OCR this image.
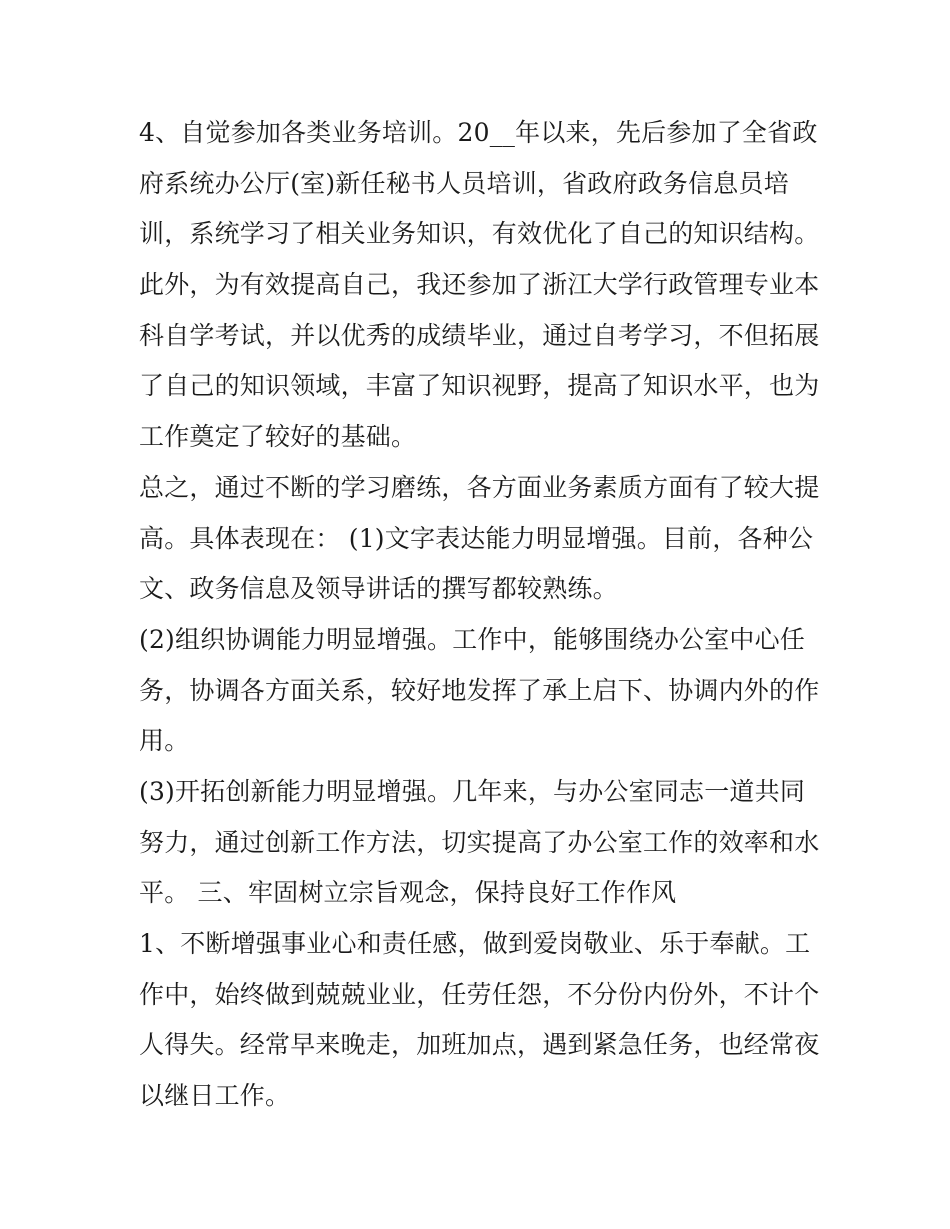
4、自觉参加各类业务培训。20__年以来，先后参加了全省政
府系统办公厅(室)新任秘书人员培训，省政府政务信息员培
训，系统学习了相关业务知识，有效优化了自己的知识结构。
此外，为有效提高自己，我还参加了浙江大学行政管理专业本
科自学考试，并以优秀的成绩毕业，通过自考学习，不但拓展
了自己的知识领域，丰富了知识视野，提高了知识水平，也为
工作奠定了较好的基础。
总之，通过不断的学习磨练，各方面业务素质方面有了较大提
高。具体表现在： (1)文字表达能力明显增强。目前，各种公
文、政务信息及领导讲话的撰写都较熟练。
(2)组织协调能力明显增强。工作中，能够围绕办公室中心任
务，协调各方面关系，较好地发挥了承上启下、协调内外的作
用。
(3)开拓创新能力明显增强。几年来，与办公室同志一道共同
努力，通过创新工作方法，切实提高了办公室工作的效率和水
平。 三、牢固树立宗旨观念，保持良好工作作风
1、不断增强事业心和责任感，做到爱岗敬业、乐于奉献。工
作中，始终做到兢兢业业，任劳任怨，不分份内份外，不计个
人得失。经常早来晚走，加班加点，遇到紧急任务，也经常夜
以继日工作。
